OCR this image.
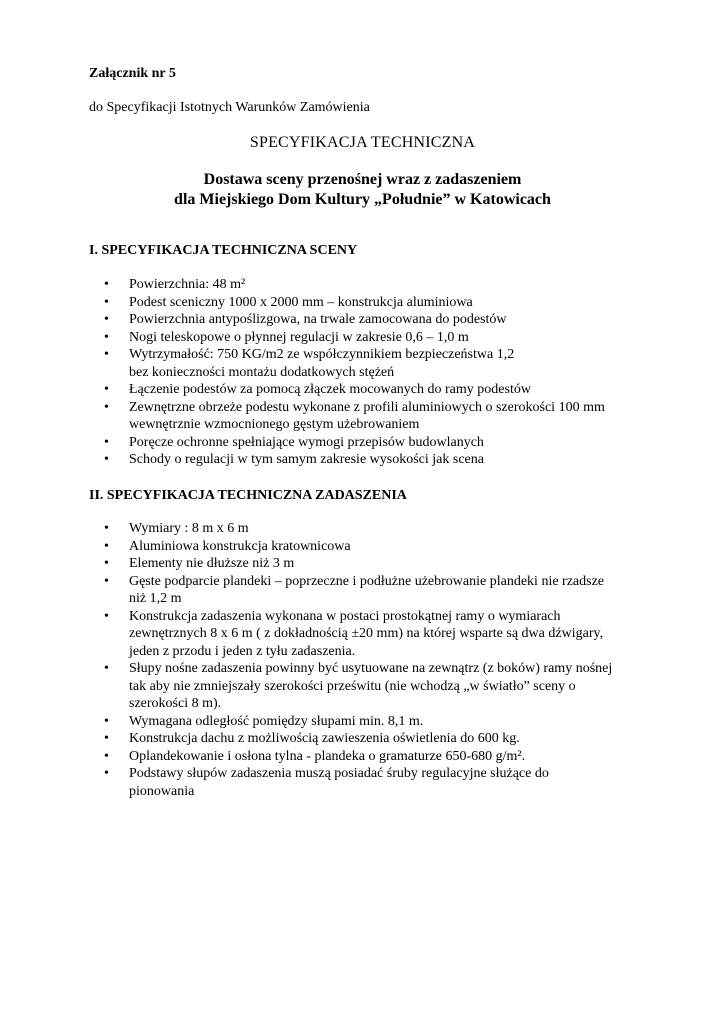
Załącznik nr 5
do Specyfikacji Istotnych Warunków Zamówienia
SPECYFIKACJA TECHNICZNA
Dostawa sceny przenośnej wraz z zadaszeniem
dla Miejskiego Dom Kultury „Południe” w Katowicach
I. SPECYFIKACJA TECHNICZNA SCENY
• Powierzchnia: 48 m²
• Podest sceniczny 1000 x 2000 mm – konstrukcja aluminiowa
• Powierzchnia antypoślizgowa, na trwale zamocowana do podestów
• Nogi teleskopowe o płynnej regulacji w zakresie 0,6 – 1,0 m
• Wytrzymałość: 750 KG/m2 ze współczynnikiem bezpieczeństwa 1,2
bez konieczności montażu dodatkowych stężeń
• Łączenie podestów za pomocą złączek mocowanych do ramy podestów
• Zewnętrzne obrzeże podestu wykonane z profili aluminiowych o szerokości 100 mm
wewnętrznie wzmocnionego gęstym użebrowaniem
• Poręcze ochronne spełniające wymogi przepisów budowlanych
• Schody o regulacji w tym samym zakresie wysokości jak scena
II. SPECYFIKACJA TECHNICZNA ZADASZENIA
• Wymiary : 8 m x 6 m
• Aluminiowa konstrukcja kratownicowa
• Elementy nie dłuższe niż 3 m
• Gęste podparcie plandeki – poprzeczne i podłużne użebrowanie plandeki nie rzadsze
niż 1,2 m
• Konstrukcja zadaszenia wykonana w postaci prostokątnej ramy o wymiarach
zewnętrznych 8 x 6 m ( z dokładnością ±20 mm) na której wsparte są dwa dźwigary,
jeden z przodu i jeden z tyłu zadaszenia.
• Słupy nośne zadaszenia powinny być usytuowane na zewnątrz (z boków) ramy nośnej
tak aby nie zmniejszały szerokości prześwitu (nie wchodzą „w światło” sceny o
szerokości 8 m).
• Wymagana odległość pomiędzy słupami min. 8,1 m.
• Konstrukcja dachu z możliwością zawieszenia oświetlenia do 600 kg.
• Oplandekowanie i osłona tylna - plandeka o gramaturze 650-680 g/m².
• Podstawy słupów zadaszenia muszą posiadać śruby regulacyjne służące do
pionowania
